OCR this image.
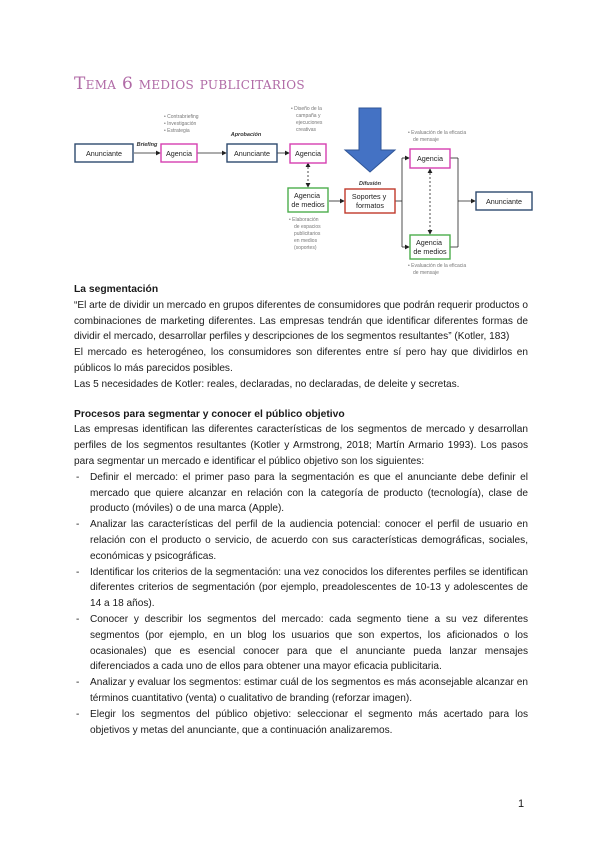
Tema 6 medios publicitarios
Anunciante	Agencia	Anunciante	Agencia
Agencia de medios
Soportes y formatos
Agencia
Agencia de medios
Anunciante
Briefing
Aprobación
Difusión
• Contrabriefing • Investigación • Estrategia
• Diseño de la campaña y ejecuciones creativas
• Elaboración de espacios publicitarios en medios (soportes)
• Evaluación de la eficacia de mensaje
• Evaluación de la eficacia de mensaje
La segmentación

“El arte de dividir un mercado en grupos diferentes de consumidores que podrán requerir productos o combinaciones de marketing diferentes. Las empresas tendrán que identificar diferentes formas de dividir el mercado, desarrollar perfiles y descripciones de los segmentos resultantes” (Kotler, 183)

El mercado es heterogéneo, los consumidores son diferentes entre sí pero hay que dividirlos en públicos lo más parecidos posibles.

Las 5 necesidades de Kotler: reales, declaradas, no declaradas, de deleite y secretas.

Procesos para segmentar y conocer el público objetivo

Las empresas identifican las diferentes características de los segmentos de mercado y desarrollan perfiles de los segmentos resultantes (Kotler y Armstrong, 2018; Martín Armario 1993). Los pasos para segmentar un mercado e identificar el público objetivo son los siguientes:

- Definir el mercado: el primer paso para la segmentación es que el anunciante debe definir el mercado que quiere alcanzar en relación con la categoría de producto (tecnología), clase de producto (móviles) o de una marca (Apple).
- Analizar las características del perfil de la audiencia potencial: conocer el perfil de usuario en relación con el producto o servicio, de acuerdo con sus características demográficas, sociales, económicas y psicográficas.
- Identificar los criterios de la segmentación: una vez conocidos los diferentes perfiles se identifican diferentes criterios de segmentación (por ejemplo, preadolescentes de 10-13 y adolescentes de 14 a 18 años).
- Conocer y describir los segmentos del mercado: cada segmento tiene a su vez diferentes segmentos (por ejemplo, en un blog los usuarios que son expertos, los aficionados o los ocasionales) que es esencial conocer para que el anunciante pueda lanzar mensajes diferenciados a cada uno de ellos para obtener una mayor eficacia publicitaria.
- Analizar y evaluar los segmentos: estimar cuál de los segmentos es más aconsejable alcanzar en términos cuantitativo (venta) o cualitativo de branding (reforzar imagen).
- Elegir los segmentos del público objetivo: seleccionar el segmento más acertado para los objetivos y metas del anunciante, que a continuación analizaremos.
1
